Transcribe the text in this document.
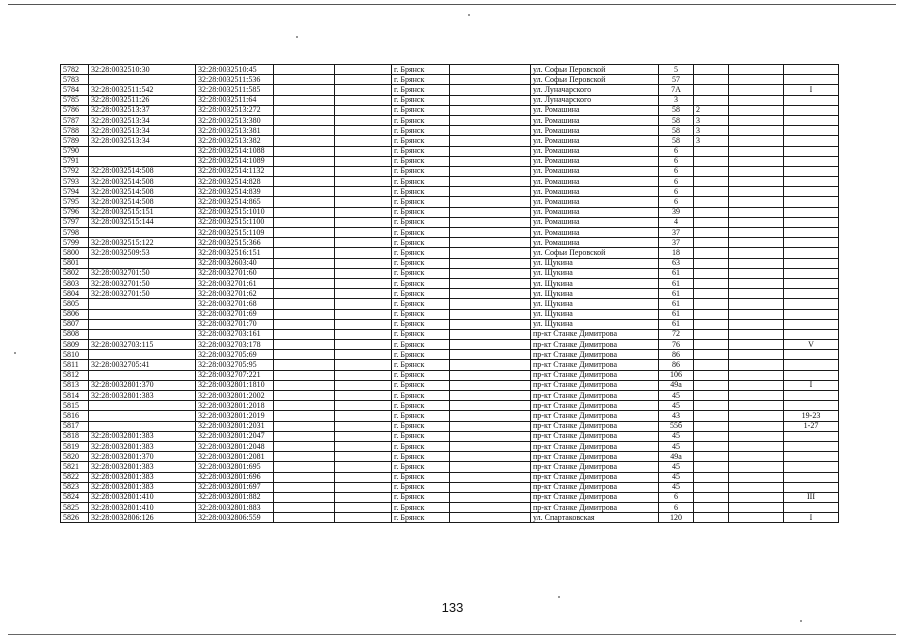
5782	32:28:0032510:30	32:28:0032510:45			г. Брянск		ул. Софьи Перовской	5			
5783		32:28:0032511:536			г. Брянск		ул. Софьи Перовской	57			
5784	32:28:0032511:542	32:28:0032511:585			г. Брянск		ул. Луначарского	7А			I
5785	32:28:0032511:26	32:28:0032511:64			г. Брянск		ул. Луначарского	3			
5786	32:28:0032513:37	32:28:0032513:272			г. Брянск		ул. Ромашина	58	2		
5787	32:28:0032513:34	32:28:0032513:380			г. Брянск		ул. Ромашина	58	3		
5788	32:28:0032513:34	32:28:0032513:381			г. Брянск		ул. Ромашина	58	3		
5789	32:28:0032513:34	32:28:0032513:382			г. Брянск		ул. Ромашина	58	3		
5790		32:28:0032514:1088			г. Брянск		ул. Ромашина	6			
5791		32:28:0032514:1089			г. Брянск		ул. Ромашина	6			
5792	32:28:0032514:508	32:28:0032514:1132			г. Брянск		ул. Ромашина	6			
5793	32:28:0032514:508	32:28:0032514:828			г. Брянск		ул. Ромашина	6			
5794	32:28:0032514:508	32:28:0032514:839			г. Брянск		ул. Ромашина	6			
5795	32:28:0032514:508	32:28:0032514:865			г. Брянск		ул. Ромашина	6			
5796	32:28:0032515:151	32:28:0032515:1010			г. Брянск		ул. Ромашина	39			
5797	32:28:0032515:144	32:28:0032515:1100			г. Брянск		ул. Ромашина	4			
5798		32:28:0032515:1109			г. Брянск		ул. Ромашина	37			
5799	32:28:0032515:122	32:28:0032515:366			г. Брянск		ул. Ромашина	37			
5800	32:28:0032509:53	32:28:0032516:151			г. Брянск		ул. Софьи Перовской	18			
5801		32:28:0032603:40			г. Брянск		ул. Щукина	63			
5802	32:28:0032701:50	32:28:0032701:60			г. Брянск		ул. Щукина	61			
5803	32:28:0032701:50	32:28:0032701:61			г. Брянск		ул. Щукина	61			
5804	32:28:0032701:50	32:28:0032701:62			г. Брянск		ул. Щукина	61			
5805		32:28:0032701:68			г. Брянск		ул. Щукина	61			
5806		32:28:0032701:69			г. Брянск		ул. Щукина	61			
5807		32:28:0032701:70			г. Брянск		ул. Щукина	61			
5808		32:28:0032703:161			г. Брянск		пр-кт Станке Димитрова	72			
5809	32:28:0032703:115	32:28:0032703:178			г. Брянск		пр-кт Станке Димитрова	76			V
5810		32:28:0032705:69			г. Брянск		пр-кт Станке Димитрова	86			
5811	32:28:0032705:41	32:28:0032705:95			г. Брянск		пр-кт Станке Димитрова	86			
5812		32:28:0032707:221			г. Брянск		пр-кт Станке Димитрова	106			
5813	32:28:0032801:370	32:28:0032801:1810			г. Брянск		пр-кт Станке Димитрова	49а			I
5814	32:28:0032801:383	32:28:0032801:2002			г. Брянск		пр-кт Станке Димитрова	45			
5815		32:28:0032801:2018			г. Брянск		пр-кт Станке Димитрова	45			
5816		32:28:0032801:2019			г. Брянск		пр-кт Станке Димитрова	43			19-23
5817		32:28:0032801:2031			г. Брянск		пр-кт Станке Димитрова	55б			1-27
5818	32:28:0032801:383	32:28:0032801:2047			г. Брянск		пр-кт Станке Димитрова	45			
5819	32:28:0032801:383	32:28:0032801:2048			г. Брянск		пр-кт Станке Димитрова	45			
5820	32:28:0032801:370	32:28:0032801:2081			г. Брянск		пр-кт Станке Димитрова	49а			
5821	32:28:0032801:383	32:28:0032801:695			г. Брянск		пр-кт Станке Димитрова	45			
5822	32:28:0032801:383	32:28:0032801:696			г. Брянск		пр-кт Станке Димитрова	45			
5823	32:28:0032801:383	32:28:0032801:697			г. Брянск		пр-кт Станке Димитрова	45			
5824	32:28:0032801:410	32:28:0032801:882			г. Брянск		пр-кт Станке Димитрова	6			III
5825	32:28:0032801:410	32:28:0032801:883			г. Брянск		пр-кт Станке Димитрова	6			
5826	32:28:0032806:126	32:28:0032806:559			г. Брянск		ул. Спартаковская	120			I
133
